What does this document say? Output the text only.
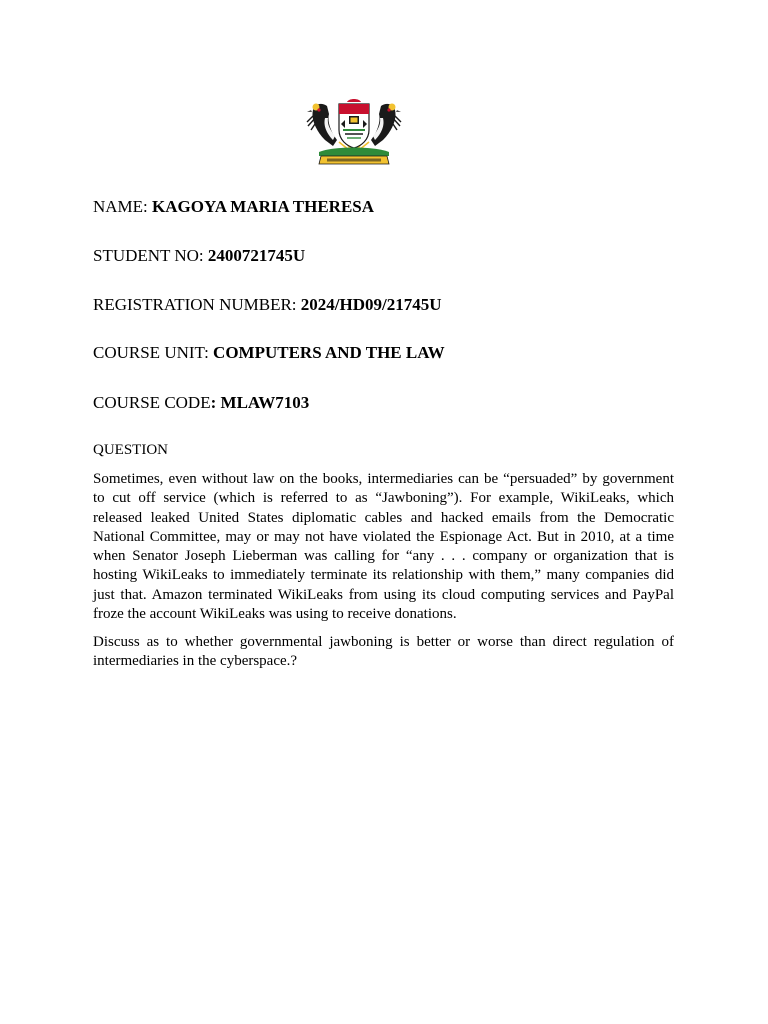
NAME: KAGOYA MARIA THERESA
STUDENT NO: 2400721745U
REGISTRATION NUMBER: 2024/HD09/21745U
COURSE UNIT: COMPUTERS AND THE LAW
COURSE CODE: MLAW7103
QUESTION

Sometimes, even without law on the books, intermediaries can be “persuaded” by government to cut off service (which is referred to as “Jawboning”). For example, WikiLeaks, which released leaked United States diplomatic cables and hacked emails from the Democratic National Committee, may or may not have violated the Espionage Act. But in 2010, at a time when Senator Joseph Lieberman was calling for “any . . . company or organization that is hosting WikiLeaks to immediately terminate its relationship with them,” many companies did just that. Amazon terminated WikiLeaks from using its cloud computing services and PayPal froze the account WikiLeaks was using to receive donations.

Discuss as to whether governmental jawboning is better or worse than direct regulation of intermediaries in the cyberspace.?
